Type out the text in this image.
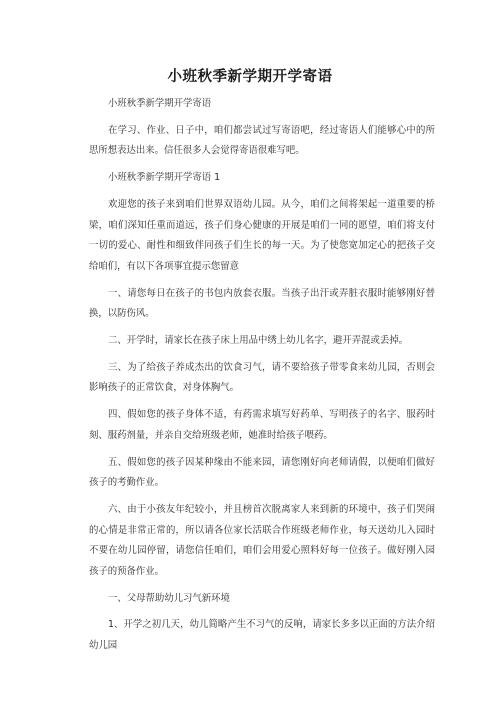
小班秋季新学期开学寄语

小班秋季新学期开学寄语

在学习、作业、日子中，咱们都尝试过写寄语吧，经过寄语人们能够心中的所思所想表达出来。信任很多人会觉得寄语很难写吧。

小班秋季新学期开学寄语 1

欢迎您的孩子来到咱们世界双语幼儿园。从今，咱们之间将架起一道重要的桥梁，咱们深知任重而道远，孩子们身心健康的开展是咱们一同的愿望，咱们将支付一切的爱心、耐性和细致伴同孩子们生长的每一天。为了使您宽加定心的把孩子交给咱们，有以下各项事宜提示您留意

一、请您每日在孩子的书包内放套衣服。当孩子出汗或弄脏衣服时能够刚好替换，以防伤风。

二、开学时，请家长在孩子床上用品中绣上幼儿名字，避开弄混或丢掉。

三、为了给孩子养成杰出的饮食习气，请不要给孩子带零食来幼儿园，否则会影响孩子的正常饮食，对身体胸气。

四、假如您的孩子身体不适，有药需求填写好药单、写明孩子的名字、服药时刻、服药剂量，并亲自交给班级老师，她准时给孩子喂药。

五、假如您的孩子因某种缘由不能来园，请您刚好向老师请假，以便咱们做好孩子的考勤作业。

六、由于小孩友年纪较小，并且榜首次脱离家人来到新的环境中，孩子们哭闹的心情是非常正常的，所以请各位家长活联合作班级老师作业，每天送幼儿入园时不要在幼儿园停留，请您信任咱们，咱们会用爱心照料好每一位孩子。做好刚入园孩子的预备作业。

一、父母帮助幼儿习气新环境

1、开学之初几天，幼儿简略产生不习气的反响，请家长多多以正面的方法介绍幼儿园
